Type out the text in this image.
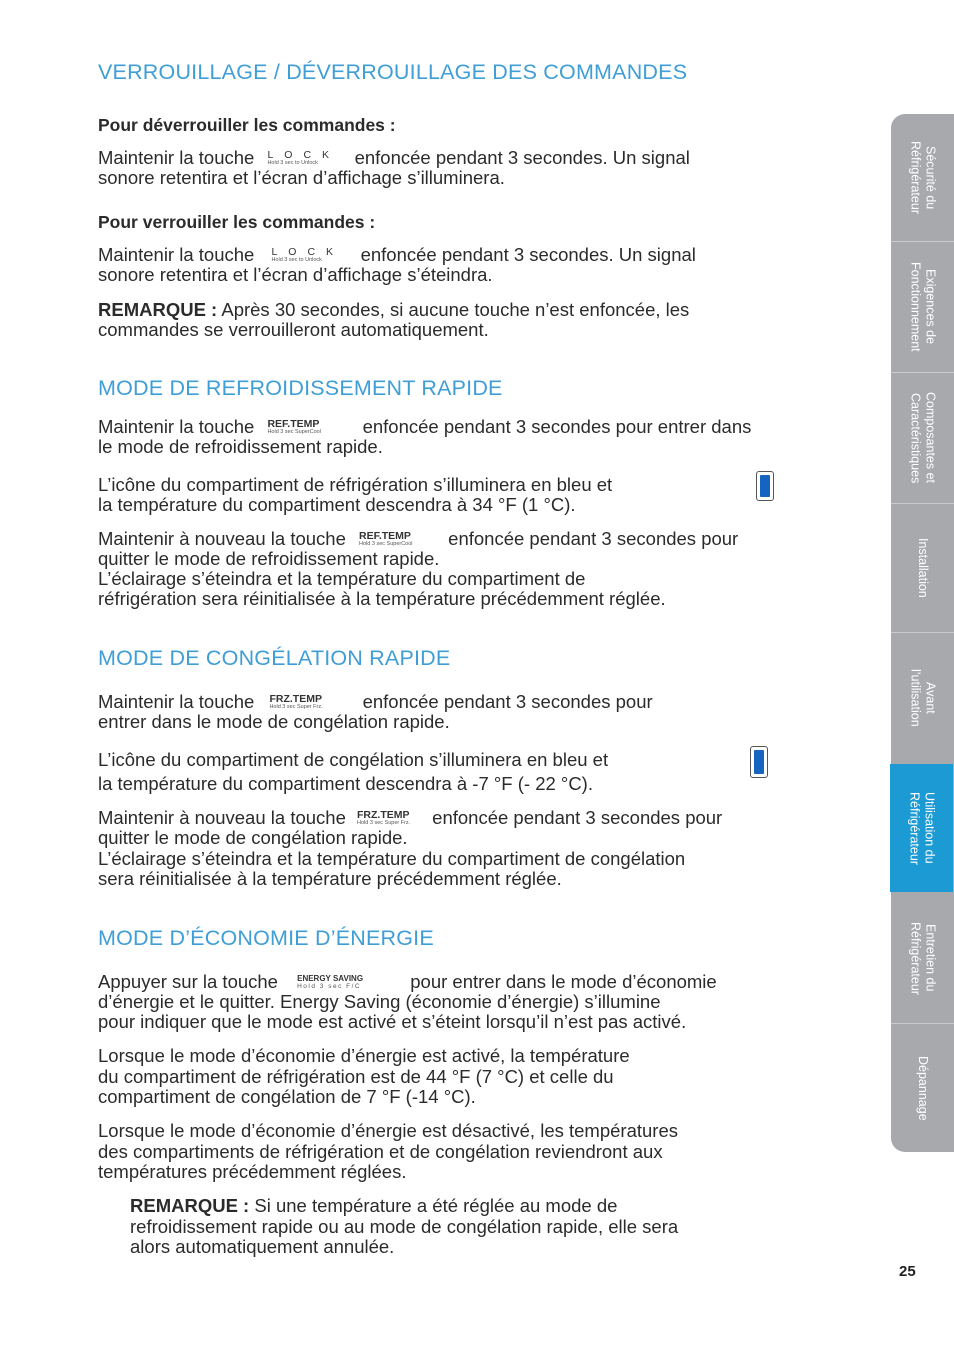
VERROUILLAGE / DÉVERROUILLAGE DES COMMANDES
Pour déverrouiller les commandes :
Maintenir la touche LOCK
Hold 3 sec to Unlock	enfoncée pendant 3 secondes. Un signal
sonore retentira et l’écran d’affichage s’illuminera.
Pour verrouiller les commandes :
Maintenir la touche LOCK
Hold 3 sec to Unlock	enfoncée pendant 3 secondes. Un signal
sonore retentira et l’écran d’affichage s’éteindra.
REMARQUE : Après 30 secondes, si aucune touche n’est enfoncée, les
commandes se verrouilleront automatiquement.
MODE DE REFROIDISSEMENT RAPIDE
Maintenir la touche REF.TEMP
Hold 3 sec SuperCool	enfoncée pendant 3 secondes pour entrer dans
le mode de refroidissement rapide.
L’icône du compartiment de réfrigération s’illuminera en bleu et
la température du compartiment descendra à 34 °F (1 °C).
Maintenir à nouveau la touche REF.TEMP
Hold 3 sec SuperCool	enfoncée pendant 3 secondes pour
quitter le mode de refroidissement rapide.
L’éclairage s’éteindra et la température du compartiment de
réfrigération sera réinitialisée à la température précédemment réglée.
MODE DE CONGÉLATION RAPIDE
Maintenir la touche FRZ.TEMP
Hold 3 sec Super Frz.	enfoncée pendant 3 secondes pour
entrer dans le mode de congélation rapide.
L’icône du compartiment de congélation s’illuminera en bleu et
la température du compartiment descendra à -7 °F (- 22 °C).
Maintenir à nouveau la touche FRZ.TEMP
Hold 3 sec Super Frz.	enfoncée pendant 3 secondes pour
quitter le mode de congélation rapide.
L’éclairage s’éteindra et la température du compartiment de congélation
sera réinitialisée à la température précédemment réglée.
MODE D’ÉCONOMIE D’ÉNERGIE
Appuyer sur la touche ENERGY SAVING
Hold 3 sec F/C	pour entrer dans le mode d’économie
d’énergie et le quitter. Energy Saving (économie d’énergie) s’illumine
pour indiquer que le mode est activé et s’éteint lorsqu’il n’est pas activé.
Lorsque le mode d’économie d’énergie est activé, la température
du compartiment de réfrigération est de 44 °F (7 °C) et celle du
compartiment de congélation de 7 °F (-14 °C).
Lorsque le mode d’économie d’énergie est désactivé, les températures
des compartiments de réfrigération et de congélation reviendront aux
températures précédemment réglées.
REMARQUE : Si une température a été réglée au mode de
refroidissement rapide ou au mode de congélation rapide, elle sera
alors automatiquement annulée.
Sécurité du
Réfrigérateur
Exigences de
Fonctionnement
Composantes et
Caractéristiques
Installation
Avant
l’utilisation
Utilisation du
Réfrigérateur
Entretien du
Réfrigérateur
Dépannage
25
